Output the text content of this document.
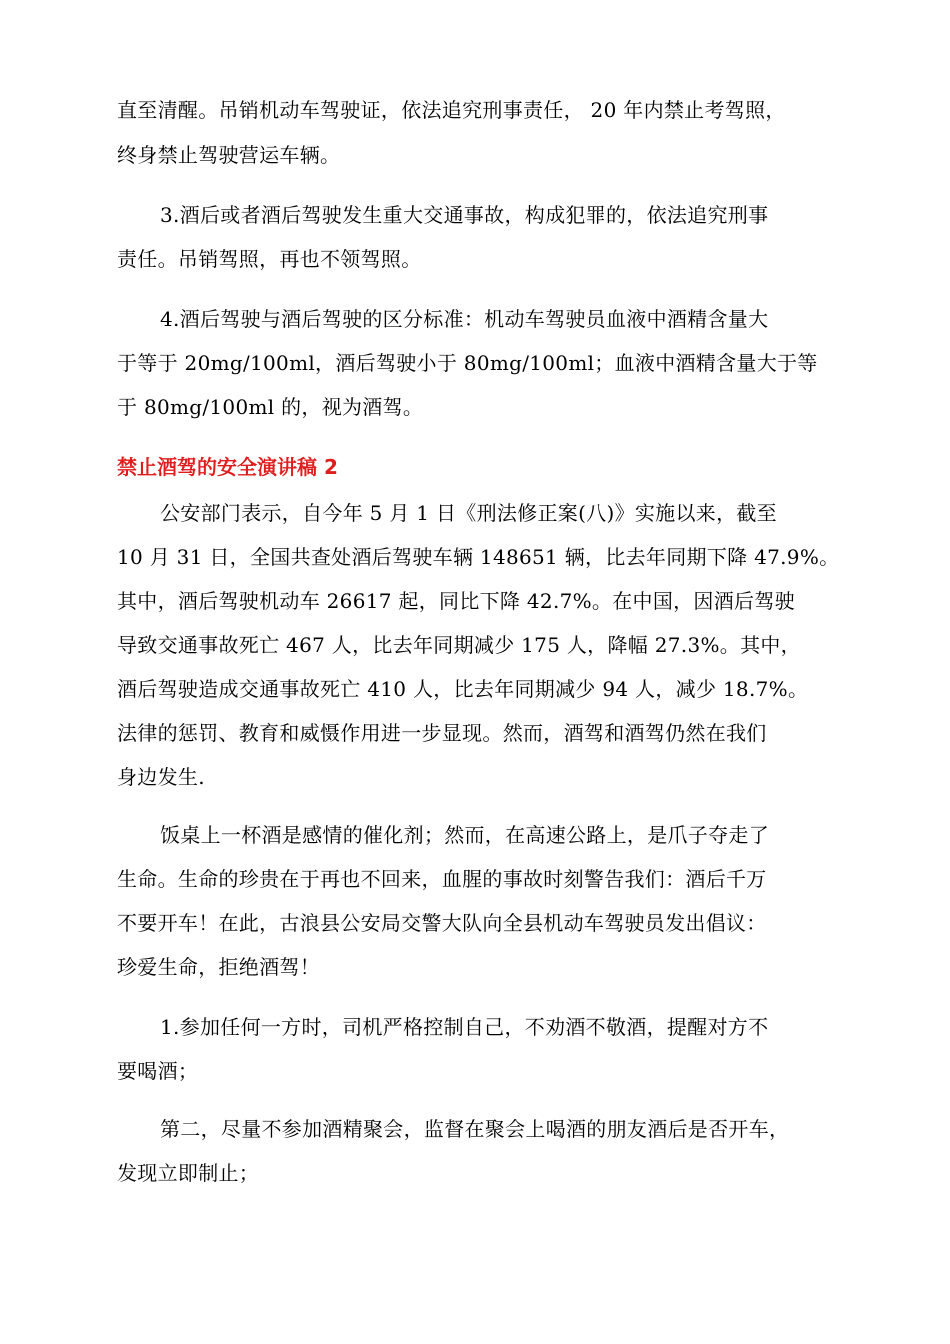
直至清醒。吊销机动车驾驶证，依法追究刑事责任， 20 年内禁止考驾照，
终身禁止驾驶营运车辆。
3.酒后或者酒后驾驶发生重大交通事故，构成犯罪的，依法追究刑事
责任。吊销驾照，再也不领驾照。
4.酒后驾驶与酒后驾驶的区分标准：机动车驾驶员血液中酒精含量大
于等于 20mg/100ml，酒后驾驶小于 80mg/100ml；血液中酒精含量大于等
于 80mg/100ml 的，视为酒驾。
禁止酒驾的安全演讲稿 2
公安部门表示，自今年 5 月 1 日《刑法修正案(八)》实施以来，截至
10 月 31 日，全国共查处酒后驾驶车辆 148651 辆，比去年同期下降 47.9%。
其中，酒后驾驶机动车 26617 起，同比下降 42.7%。在中国，因酒后驾驶
导致交通事故死亡 467 人，比去年同期减少 175 人，降幅 27.3%。其中，
酒后驾驶造成交通事故死亡 410 人，比去年同期减少 94 人，减少 18.7%。
法律的惩罚、教育和威慑作用进一步显现。然而，酒驾和酒驾仍然在我们
身边发生.
饭桌上一杯酒是感情的催化剂；然而，在高速公路上，是爪子夺走了
生命。生命的珍贵在于再也不回来，血腥的事故时刻警告我们：酒后千万
不要开车！在此，古浪县公安局交警大队向全县机动车驾驶员发出倡议：
珍爱生命，拒绝酒驾！
1.参加任何一方时，司机严格控制自己，不劝酒不敬酒，提醒对方不
要喝酒；
第二，尽量不参加酒精聚会，监督在聚会上喝酒的朋友酒后是否开车，
发现立即制止；
